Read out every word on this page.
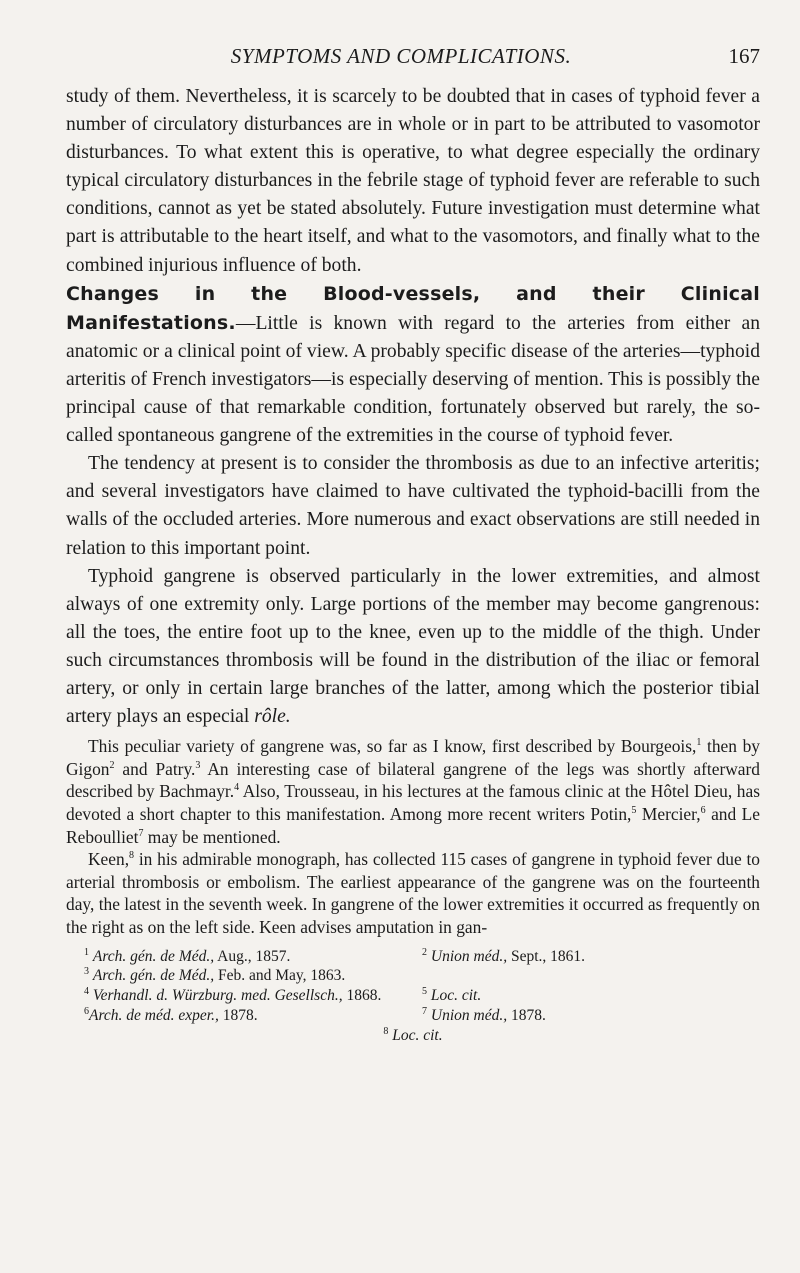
SYMPTOMS AND COMPLICATIONS.	167

study of them. Nevertheless, it is scarcely to be doubted that in cases of typhoid fever a number of circulatory disturbances are in whole or in part to be attributed to vasomotor disturbances. To what extent this is operative, to what degree especially the ordinary typical circulatory disturbances in the febrile stage of typhoid fever are referable to such conditions, cannot as yet be stated absolutely. Future investigation must determine what part is attributable to the heart itself, and what to the vasomotors, and finally what to the combined injurious influence of both.

Changes in the Blood-vessels, and their Clinical Manifestations.—Little is known with regard to the arteries from either an anatomic or a clinical point of view. A probably specific disease of the arteries—typhoid arteritis of French investigators—is especially deserving of mention. This is possibly the principal cause of that remarkable condition, fortunately observed but rarely, the so-called spontaneous gangrene of the extremities in the course of typhoid fever.

The tendency at present is to consider the thrombosis as due to an infective arteritis; and several investigators have claimed to have cultivated the typhoid-bacilli from the walls of the occluded arteries. More numerous and exact observations are still needed in relation to this important point.

Typhoid gangrene is observed particularly in the lower extremities, and almost always of one extremity only. Large portions of the member may become gangrenous: all the toes, the entire foot up to the knee, even up to the middle of the thigh. Under such circumstances thrombosis will be found in the distribution of the iliac or femoral artery, or only in certain large branches of the latter, among which the posterior tibial artery plays an especial rôle.

This peculiar variety of gangrene was, so far as I know, first described by Bourgeois,$^1$ then by Gigon$^2$ and Patry.$^3$ An interesting case of bilateral gangrene of the legs was shortly afterward described by Bachmayr.$^4$ Also, Trousseau, in his lectures at the famous clinic at the Hôtel Dieu, has devoted a short chapter to this manifestation. Among more recent writers Potin,$^5$ Mercier,$^6$ and Le Reboulliet$^7$ may be mentioned.

Keen,$^8$ in his admirable monograph, has collected 115 cases of gangrene in typhoid fever due to arterial thrombosis or embolism. The earliest appearance of the gangrene was on the fourteenth day, the latest in the seventh week. In gangrene of the lower extremities it occurred as frequently on the right as on the left side. Keen advises amputation in gan-

$^1$ Arch. gén. de Méd., Aug., 1857.	$^2$ Union méd., Sept., 1861.
$^3$ Arch. gén. de Méd., Feb. and May, 1863.
$^4$ Verhandl. d. Würzburg. med. Gesellsch., 1868.	$^5$ Loc. cit.
$^6$Arch. de méd. exper., 1878.	$^7$ Union méd., 1878.
$^8$ Loc. cit.
